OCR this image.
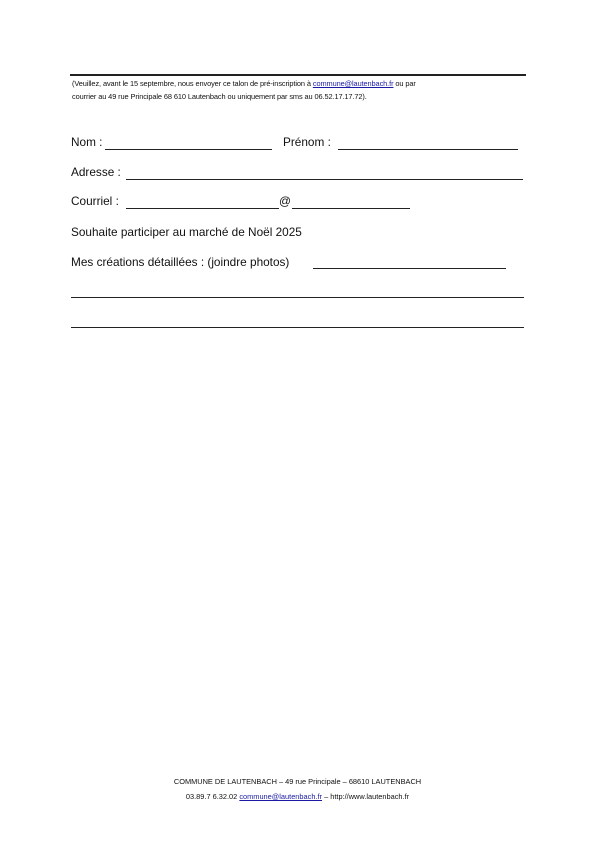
(Veuillez, avant le 15 septembre, nous envoyer ce talon de pré-inscription à commune@lautenbach.fr ou par
courrier au 49 rue Principale 68 610 Lautenbach ou uniquement par sms au 06.52.17.17.72).
Nom :	Prénom :
Adresse :
Courriel :	@
Souhaite participer au marché de Noël 2025
Mes créations détaillées : (joindre photos)
COMMUNE DE LAUTENBACH – 49 rue Principale – 68610 LAUTENBACH
03.89.7 6.32.02 commune@lautenbach.fr – http://www.lautenbach.fr
